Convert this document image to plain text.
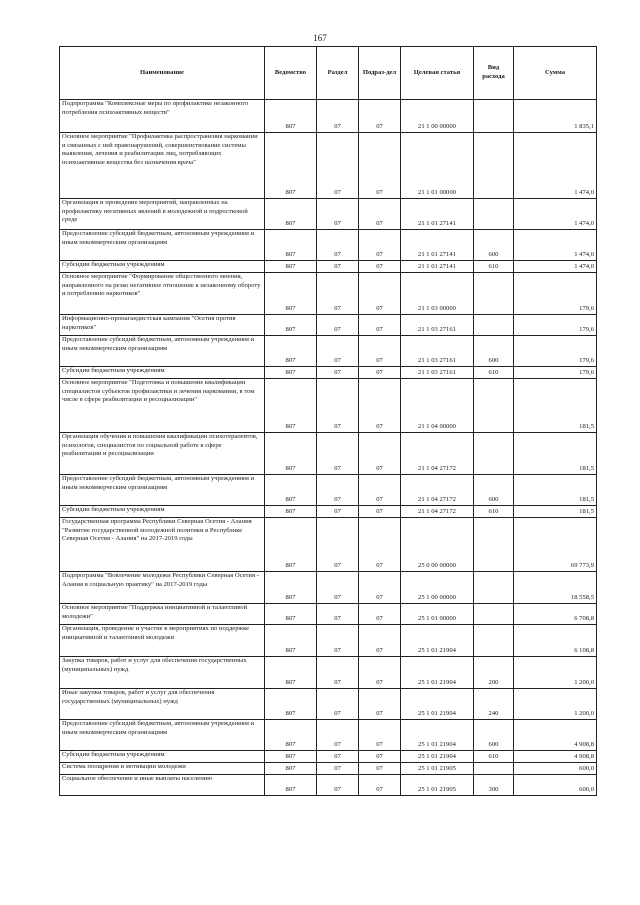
167
Наименование	Ведомство	Раздел	Подраз-дел	Целевая статья	Вид расхода	Сумма
Подпрограмма "Комплексные меры по профилактике незаконного потребления психоактивных веществ"	807	07	07	21 1 00 00000		1 835,1
Основное мероприятие "Профилактика распространения наркомании и связанных с ней правонарушений, совершенствование системы выявления, лечения и реабилитации лиц, потребляющих психоактивные вещества без назначения врача"	807	07	07	21 1 01 00000		1 474,0
Организация и проведение мероприятий, направленных на профилактику негативных явлений в молодежной и подростковой среде	807	07	07	21 1 01 27141		1 474,0
Предоставление субсидий бюджетным, автономным учреждениям и иным некоммерческим организациям	807	07	07	21 1 01 27141	600	1 474,0
Субсидии бюджетным учреждениям	807	07	07	21 1 01 27141	610	1 474,0
Основное мероприятие "Формирование общественного мнения, направленного на резко негативное отношение к незаконному обороту и потреблению наркотиков"	807	07	07	21 1 03 00000		179,6
Информационно-пропагандистская кампания "Осетия против наркотиков"	807	07	07	21 1 03 27161		179,6
Предоставление субсидий бюджетным, автономным учреждениям и иным некоммерческим организациям	807	07	07	21 1 03 27161	600	179,6
Субсидии бюджетным учреждениям	807	07	07	21 1 03 27161	610	179,6
Основное мероприятие "Подготовка и повышение квалификации специалистов субъектов профилактики и лечения наркомании, в том числе в сфере реабилитации и ресоциализации"	807	07	07	21 1 04 00000		181,5
Организация обучения и повышения квалификации психотерапевтов, психологов, специалистов по социальной работе в сфере реабилитации и ресоциализации	807	07	07	21 1 04 27172		181,5
Предоставление субсидий бюджетным, автономным учреждениям и иным некоммерческим организациям	807	07	07	21 1 04 27172	600	181,5
Субсидии бюджетным учреждениям	807	07	07	21 1 04 27172	610	181,5
Государственная программа Республики Северная Осетия - Алания "Развитие государственной молодежной политики в Республике Северная Осетия - Алания" на 2017-2019 годы	807	07	07	25 0 00 00000		69 773,9
Подпрограмма "Вовлечение молодежи Республики Северная Осетия - Алания в социальную практику" на 2017-2019 годы	807	07	07	25 1 00 00000		18 558,5
Основное мероприятие "Поддержка инициативной и талантливой молодежи"	807	07	07	25 1 01 00000		6 708,8
Организация, проведение и участие в мероприятиях по поддержке инициативной и талантливой молодежи	807	07	07	25 1 01 21904		6 108,8
Закупка товаров, работ и услуг для обеспечения государственных (муниципальных) нужд	807	07	07	25 1 01 21904	200	1 200,0
Иные закупки товаров, работ и услуг для обеспечения государственных (муниципальных) нужд	807	07	07	25 1 01 21904	240	1 200,0
Предоставление субсидий бюджетным, автономным учреждениям и иным некоммерческим организациям	807	07	07	25 1 01 21904	600	4 908,8
Субсидии бюджетным учреждениям	807	07	07	25 1 01 21904	610	4 908,8
Система поощрения и мотивации молодежи	807	07	07	25 1 01 21905		600,0
Социальное обеспечение и иные выплаты населению	807	07	07	25 1 01 21905	300	600,0
